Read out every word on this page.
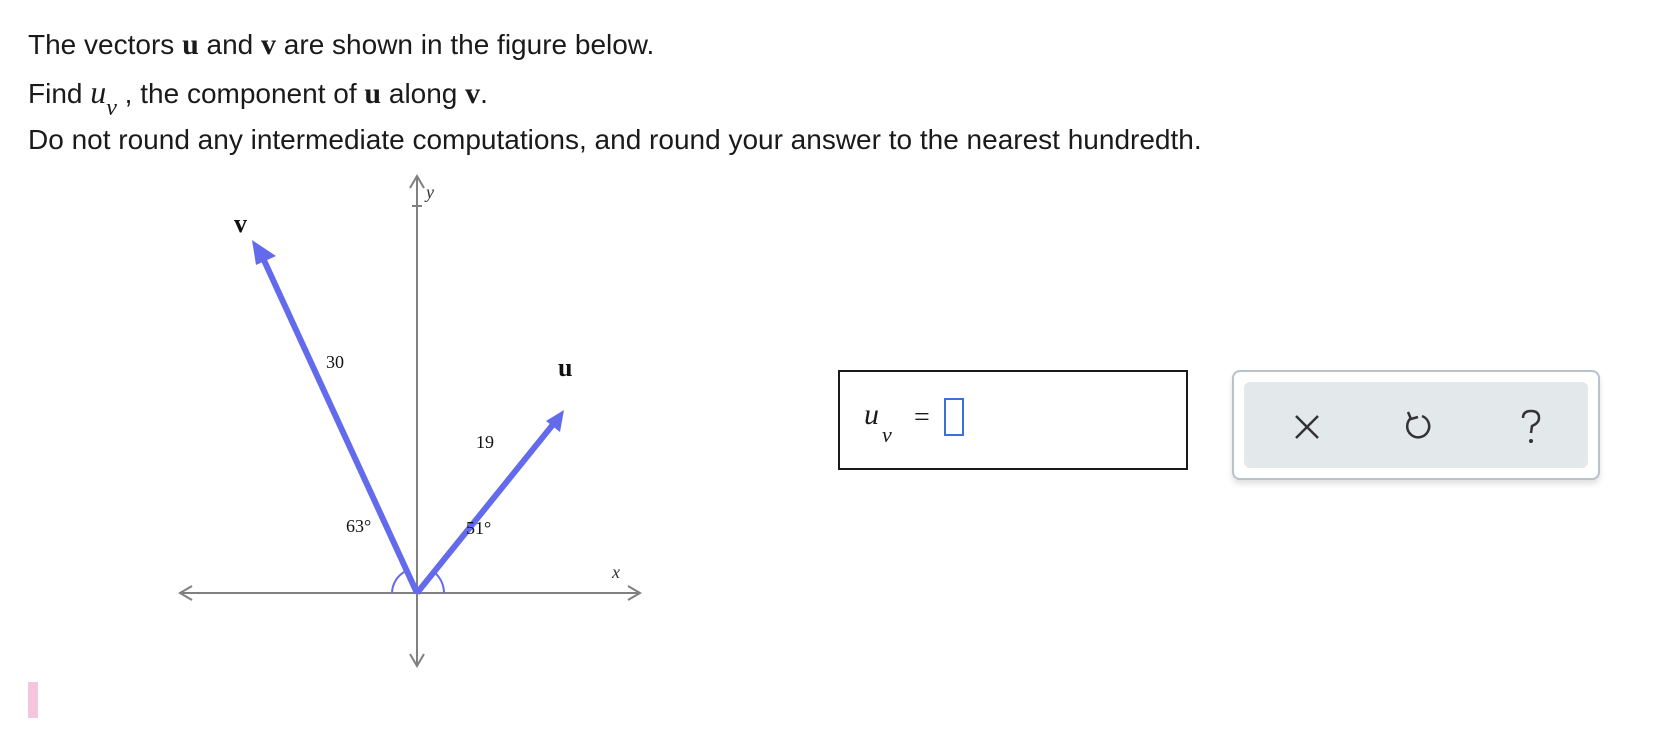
The vectors u and v are shown in the figure below.
Find uv , the component of u along v.
Do not round any intermediate computations, and round your answer to the nearest hundredth.
y
x
v
u
30
19
63°	51°
u
v
=
